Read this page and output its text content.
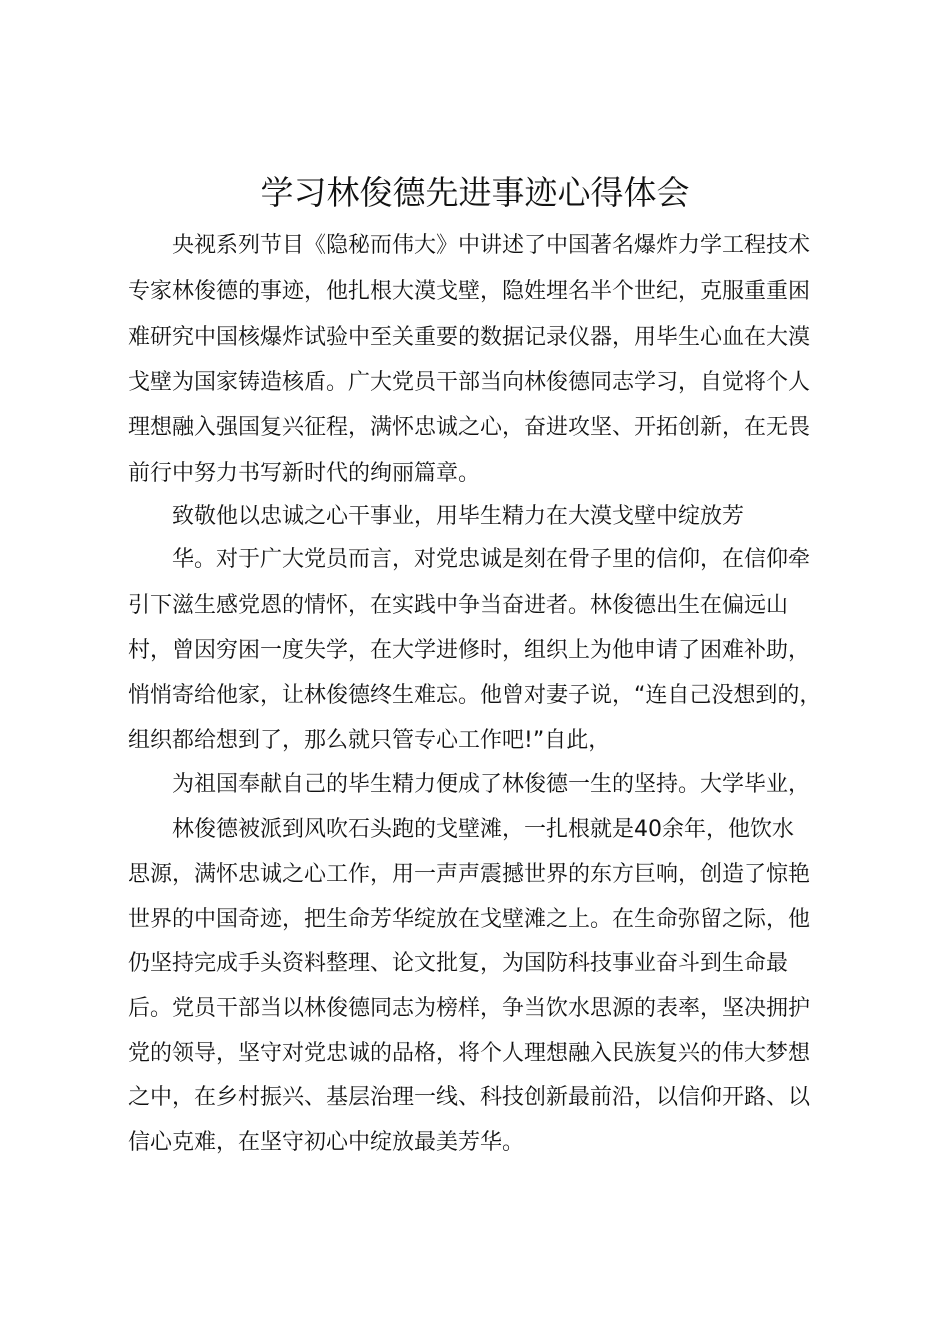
学习林俊德先进事迹心得体会

央视系列节目《隐秘而伟大》中讲述了中国著名爆炸力学工程技术

专家林俊德的事迹，他扎根大漠戈壁，隐姓埋名半个世纪，克服重重困

难研究中国核爆炸试验中至关重要的数据记录仪器，用毕生心血在大漠

戈壁为国家铸造核盾。广大党员干部当向林俊德同志学习，自觉将个人

理想融入强国复兴征程，满怀忠诚之心，奋进攻坚、开拓创新，在无畏

前行中努力书写新时代的绚丽篇章。

致敬他以忠诚之心干事业，用毕生精力在大漠戈壁中绽放芳

华。对于广大党员而言，对党忠诚是刻在骨子里的信仰，在信仰牵

引下滋生感党恩的情怀，在实践中争当奋进者。林俊德出生在偏远山

村，曾因穷困一度失学，在大学进修时，组织上为他申请了困难补助，

悄悄寄给他家，让林俊德终生难忘。他曾对妻子说，“连自己没想到的，

组织都给想到了，那么就只管专心工作吧!”自此，

为祖国奉献自己的毕生精力便成了林俊德一生的坚持。大学毕业，

林俊德被派到风吹石头跑的戈壁滩，一扎根就是40余年，他饮水

思源，满怀忠诚之心工作，用一声声震撼世界的东方巨响，创造了惊艳

世界的中国奇迹，把生命芳华绽放在戈壁滩之上。在生命弥留之际，他

仍坚持完成手头资料整理、论文批复，为国防科技事业奋斗到生命最

后。党员干部当以林俊德同志为榜样，争当饮水思源的表率，坚决拥护

党的领导，坚守对党忠诚的品格，将个人理想融入民族复兴的伟大梦想

之中，在乡村振兴、基层治理一线、科技创新最前沿，以信仰开路、以

信心克难，在坚守初心中绽放最美芳华。
